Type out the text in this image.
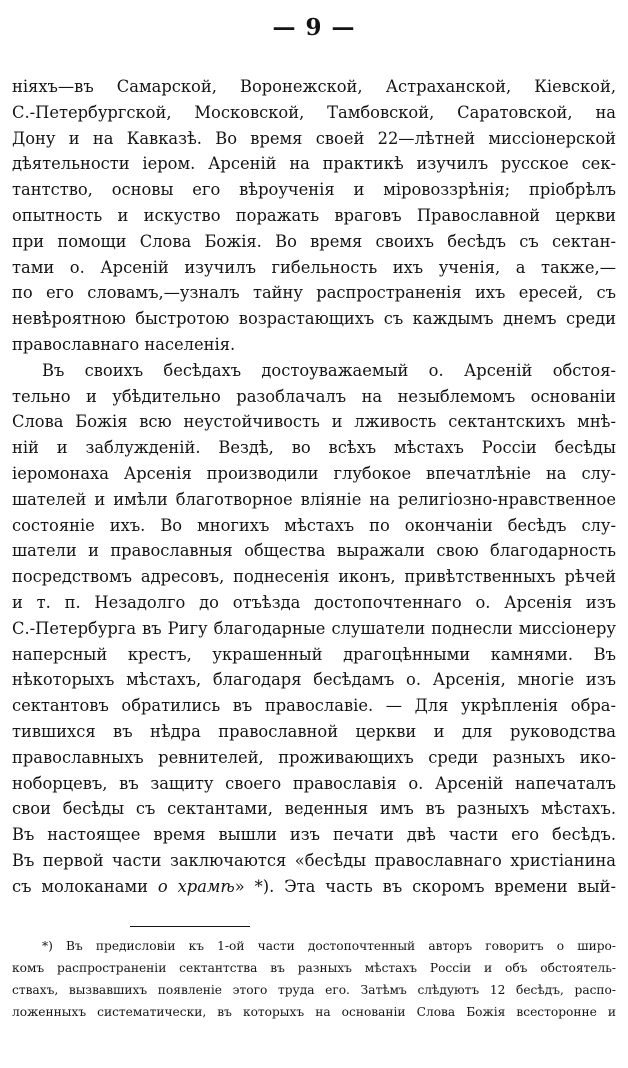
— 9 —
ніяхъ—въ Самарской, Воронежской, Астраханской, Кіевской,
С.-Петербургской, Московской, Тамбовской, Саратовской, на
Дону и на Кавказѣ. Во время своей 22—лѣтней миссіонерской
дѣятельности іером. Арсеній на практикѣ изучилъ русское сек-
тантство, основы его вѣроученія и міровоззрѣнія; пріобрѣлъ
опытность и искуство поражать враговъ Православной церкви
при помощи Слова Божія. Во время своихъ бесѣдъ съ сектан-
тами о. Арсеній изучилъ гибельность ихъ ученія, а также,—
по его словамъ,—узналъ тайну распространенія ихъ ересей, съ
невѣроятною быстротою возрастающихъ съ каждымъ днемъ среди
православнаго населенія.
Въ своихъ бесѣдахъ достоуважаемый о. Арсеній обстоя-
тельно и убѣдительно разоблачалъ на незыблемомъ основаніи
Слова Божія всю неустойчивость и лживость сектантскихъ мнѣ-
ній и заблужденій. Вездѣ, во всѣхъ мѣстахъ Россіи бесѣды
іеромонаха Арсенія производили глубокое впечатлѣніе на слу-
шателей и имѣли благотворное вліяніе на религіозно-нравственное
состояніе ихъ. Во многихъ мѣстахъ по окончаніи бесѣдъ слу-
шатели и православныя общества выражали свою благодарность
посредствомъ адресовъ, поднесенія иконъ, привѣтственныхъ рѣчей
и т. п. Незадолго до отъѣзда достопочтеннаго о. Арсенія изъ
С.-Петербурга въ Ригу благодарные слушатели поднесли миссіонеру
наперсный крестъ, украшенный драгоцѣнными камнями. Въ
нѣкоторыхъ мѣстахъ, благодаря бесѣдамъ о. Арсенія, многіе изъ
сектантовъ обратились въ православіе. — Для укрѣпленія обра-
тившихся въ нѣдра православной церкви и для руководства
православныхъ ревнителей, проживающихъ среди разныхъ ико-
ноборцевъ, въ защиту своего православія о. Арсеній напечаталъ
свои бесѣды съ сектантами, веденныя имъ въ разныхъ мѣстахъ.
Въ настоящее время вышли изъ печати двѣ части его бесѣдъ.
Въ первой части заключаются «бесѣды православнаго христіанина
съ молоканами о храмѣ» *). Эта часть въ скоромъ времени вый-
*) Въ предисловіи къ 1-ой части достопочтенный авторъ говоритъ о широ-
комъ распространеніи сектантства въ разныхъ мѣстахъ Россіи и объ обстоятель-
ствахъ, вызвавшихъ появленіе этого труда его. Затѣмъ слѣдуютъ 12 бесѣдъ, распо-
ложенныхъ систематически, въ которыхъ на основаніи Слова Божія всесторонне и
